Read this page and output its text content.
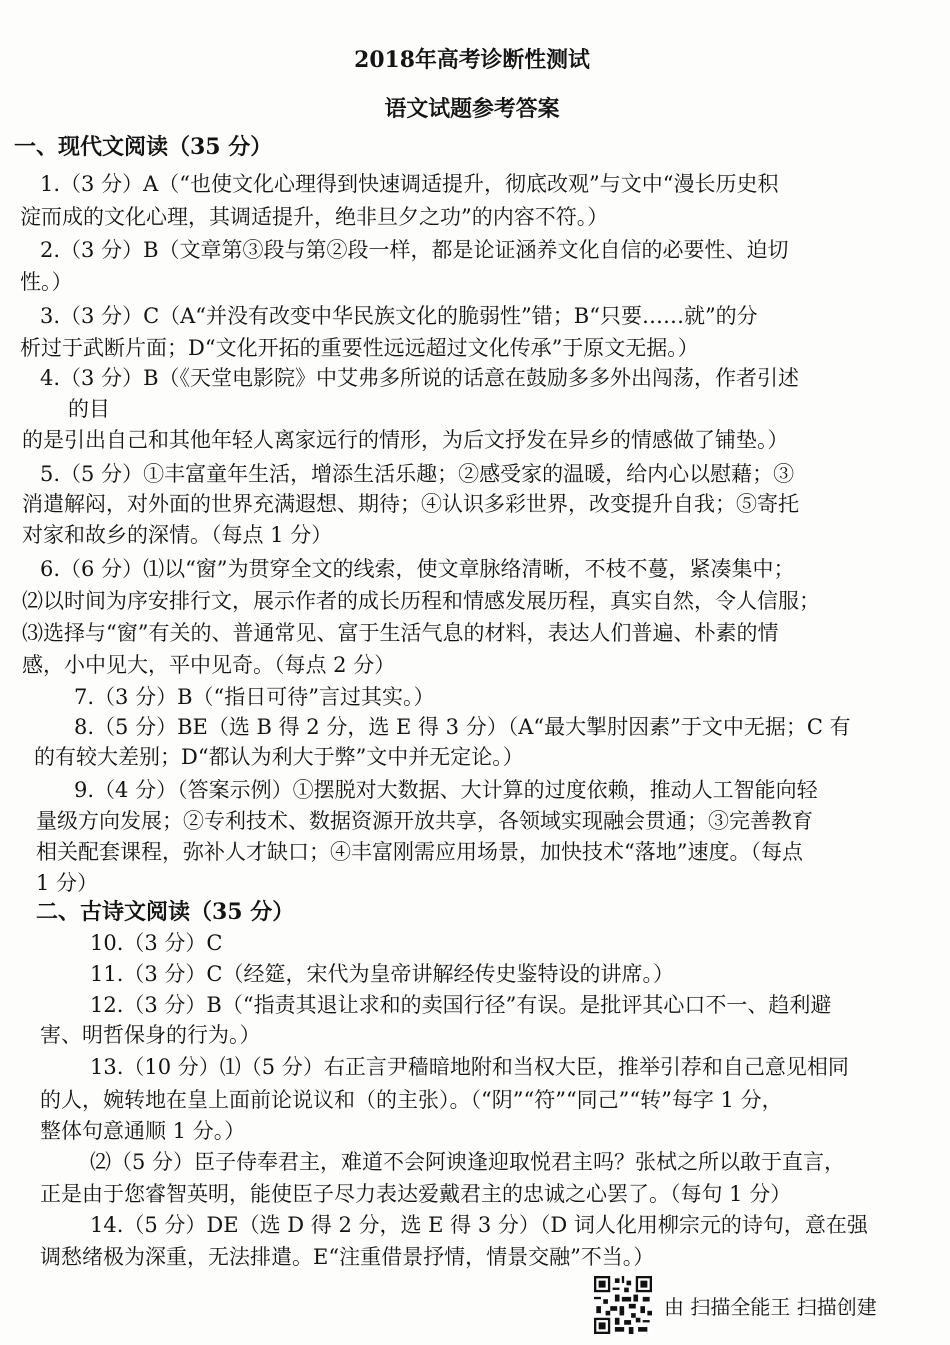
2018年高考诊断性测试
语文试题参考答案
一、现代文阅读（35 分）
1.（3 分）A（“也使文化心理得到快速调适提升，彻底改观”与文中“漫长历史积
淀而成的文化心理，其调适提升，绝非旦夕之功”的内容不符。）
2.（3 分）B（文章第③段与第②段一样，都是论证涵养文化自信的必要性、迫切
性。）
3.（3 分）C（A“并没有改变中华民族文化的脆弱性”错；B“只要……就”的分
析过于武断片面；D“文化开拓的重要性远远超过文化传承”于原文无据。）
4.（3 分）B（《天堂电影院》中艾弗多所说的话意在鼓励多多外出闯荡，作者引述
的目
的是引出自己和其他年轻人离家远行的情形，为后文抒发在异乡的情感做了铺垫。）
5.（5 分）①丰富童年生活，增添生活乐趣；②感受家的温暖，给内心以慰藉；③
消遣解闷，对外面的世界充满遐想、期待；④认识多彩世界，改变提升自我；⑤寄托
对家和故乡的深情。（每点 1 分）
6.（6 分）⑴以“窗”为贯穿全文的线索，使文章脉络清晰，不枝不蔓，紧凑集中；
⑵以时间为序安排行文，展示作者的成长历程和情感发展历程，真实自然，令人信服；
⑶选择与“窗”有关的、普通常见、富于生活气息的材料，表达人们普遍、朴素的情
感，小中见大，平中见奇。（每点 2 分）
7.（3 分）B（“指日可待”言过其实。）
8.（5 分）BE（选 B 得 2 分，选 E 得 3 分）（A“最大掣肘因素”于文中无据；C 有
的有较大差别；D“都认为利大于弊”文中并无定论。）
9.（4 分）（答案示例）①摆脱对大数据、大计算的过度依赖，推动人工智能向轻
量级方向发展；②专利技术、数据资源开放共享，各领域实现融会贯通；③完善教育
相关配套课程，弥补人才缺口；④丰富刚需应用场景，加快技术“落地”速度。（每点
1 分）
二、古诗文阅读（35 分）
10.（3 分）C
11.（3 分）C（经筵，宋代为皇帝讲解经传史鉴特设的讲席。）
12.（3 分）B（“指责其退让求和的卖国行径”有误。是批评其心口不一、趋利避
害、明哲保身的行为。）
13.（10 分）⑴（5 分）右正言尹穑暗地附和当权大臣，推举引荐和自己意见相同
的人，婉转地在皇上面前论说议和（的主张）。（“阴”“符”“同己”“转”每字 1 分，
整体句意通顺 1 分。）
⑵（5 分）臣子侍奉君主，难道不会阿谀逢迎取悦君主吗？张栻之所以敢于直言，
正是由于您睿智英明，能使臣子尽力表达爱戴君主的忠诚之心罢了。（每句 1 分）
14.（5 分）DE（选 D 得 2 分，选 E 得 3 分）（D 词人化用柳宗元的诗句，意在强
调愁绪极为深重，无法排遣。E“注重借景抒情，情景交融”不当。）
由 扫描全能王 扫描创建
